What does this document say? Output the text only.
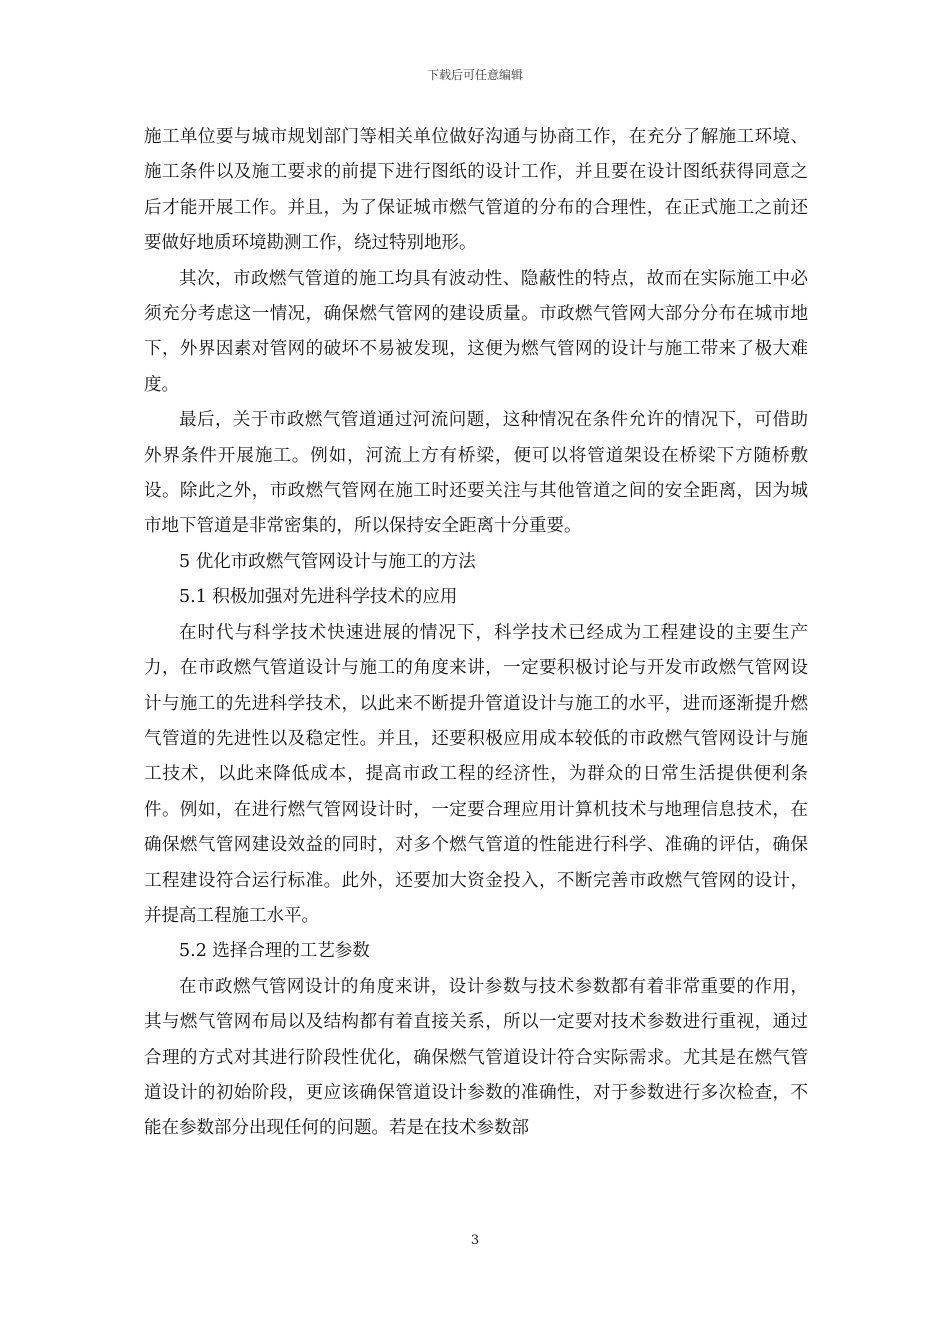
下载后可任意编辑

施工单位要与城市规划部门等相关单位做好沟通与协商工作，在充分了解施工环境、施工条件以及施工要求的前提下进行图纸的设计工作，并且要在设计图纸获得同意之后才能开展工作。并且，为了保证城市燃气管道的分布的合理性，在正式施工之前还要做好地质环境勘测工作，绕过特别地形。

其次，市政燃气管道的施工均具有波动性、隐蔽性的特点，故而在实际施工中必须充分考虑这一情况，确保燃气管网的建设质量。市政燃气管网大部分分布在城市地下，外界因素对管网的破坏不易被发现，这便为燃气管网的设计与施工带来了极大难度。

最后，关于市政燃气管道通过河流问题，这种情况在条件允许的情况下，可借助外界条件开展施工。例如，河流上方有桥梁，便可以将管道架设在桥梁下方随桥敷设。除此之外，市政燃气管网在施工时还要关注与其他管道之间的安全距离，因为城市地下管道是非常密集的，所以保持安全距离十分重要。

5 优化市政燃气管网设计与施工的方法

5.1 积极加强对先进科学技术的应用

在时代与科学技术快速进展的情况下，科学技术已经成为工程建设的主要生产力，在市政燃气管道设计与施工的角度来讲，一定要积极讨论与开发市政燃气管网设计与施工的先进科学技术，以此来不断提升管道设计与施工的水平，进而逐渐提升燃气管道的先进性以及稳定性。并且，还要积极应用成本较低的市政燃气管网设计与施工技术，以此来降低成本，提高市政工程的经济性，为群众的日常生活提供便利条件。例如，在进行燃气管网设计时，一定要合理应用计算机技术与地理信息技术，在确保燃气管网建设效益的同时，对多个燃气管道的性能进行科学、准确的评估，确保工程建设符合运行标准。此外，还要加大资金投入，不断完善市政燃气管网的设计，并提高工程施工水平。

5.2 选择合理的工艺参数

在市政燃气管网设计的角度来讲，设计参数与技术参数都有着非常重要的作用，其与燃气管网布局以及结构都有着直接关系，所以一定要对技术参数进行重视，通过合理的方式对其进行阶段性优化，确保燃气管道设计符合实际需求。尤其是在燃气管道设计的初始阶段，更应该确保管道设计参数的准确性，对于参数进行多次检查，不能在参数部分出现任何的问题。若是在技术参数部

3
